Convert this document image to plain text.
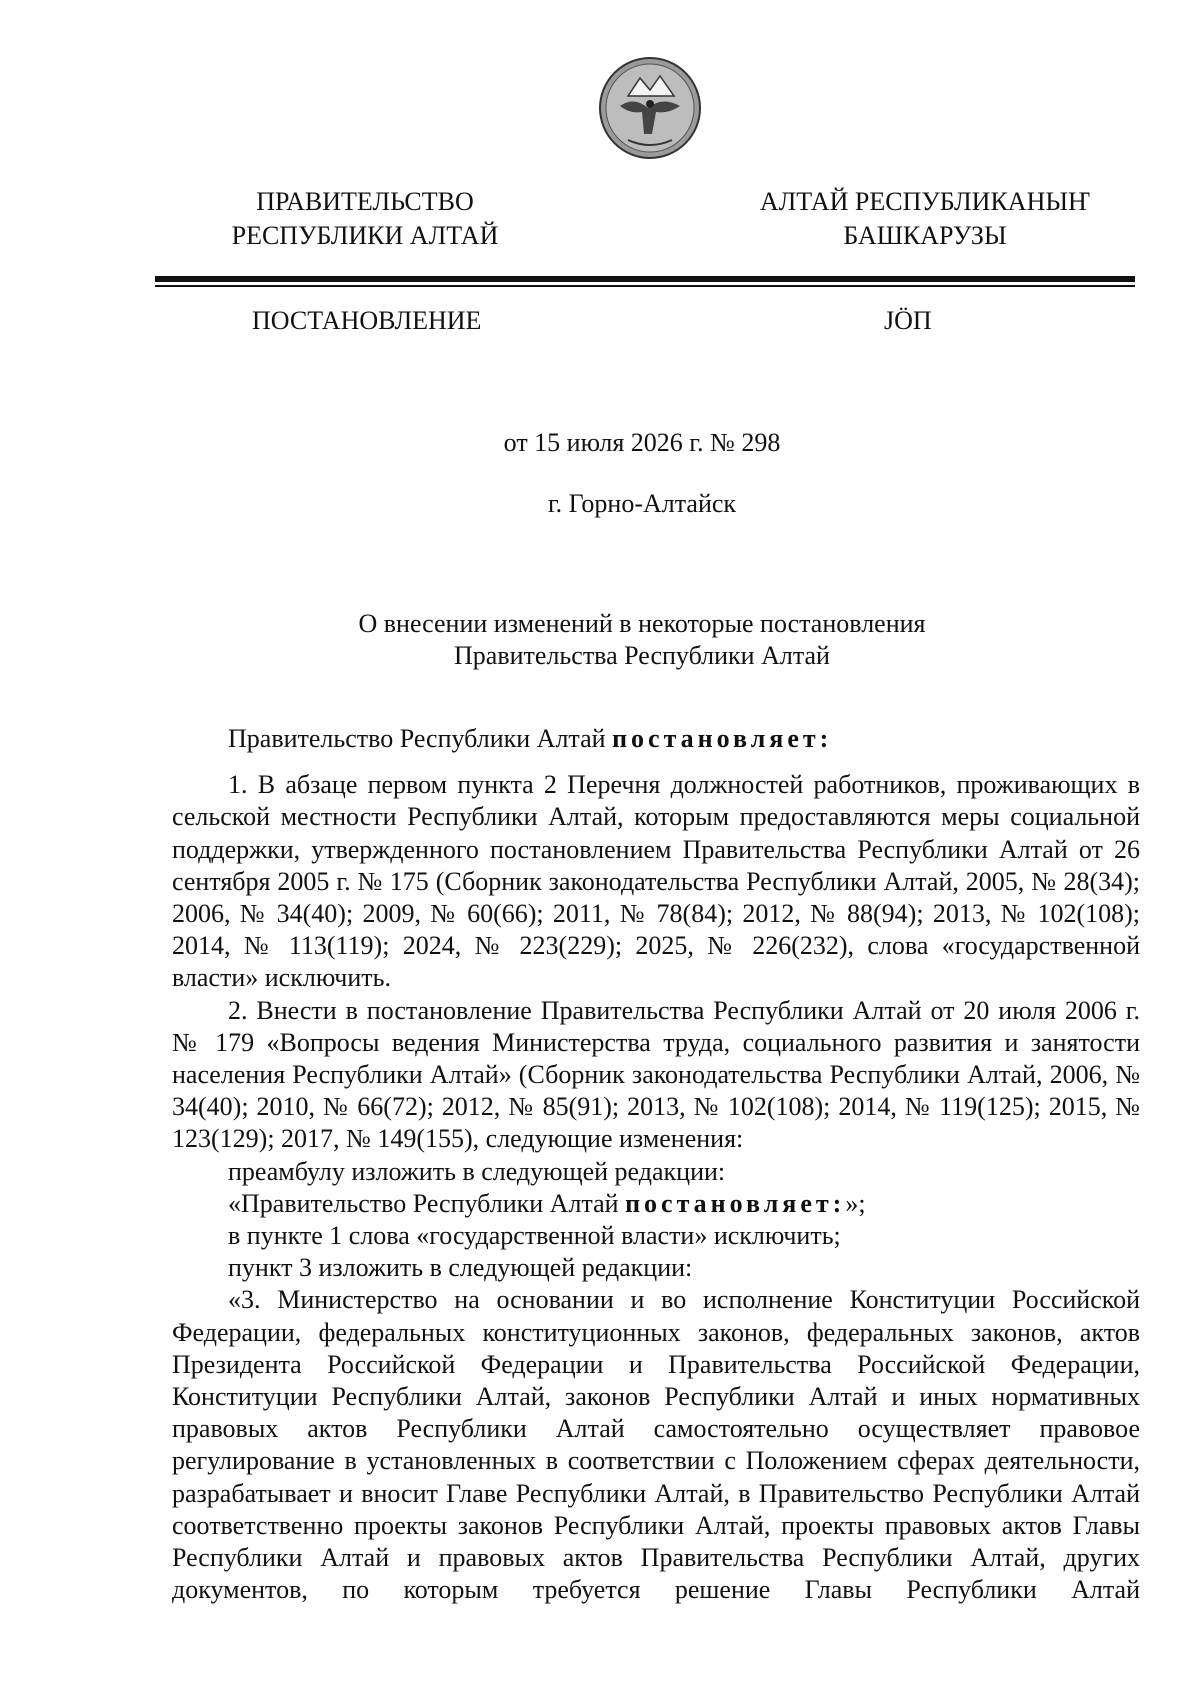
ПРАВИТЕЛЬСТВО
РЕСПУБЛИКИ АЛТАЙ
АЛТАЙ РЕСПУБЛИКАНЫҤ
БАШКАРУЗЫ
ПОСТАНОВЛЕНИЕ	JÖП
от 15 июля 2026 г. № 298
г. Горно-Алтайск
О внесении изменений в некоторые постановления
Правительства Республики Алтай

Правительство Республики Алтай постановляет:

1. В абзаце первом пункта 2 Перечня должностей работников, проживающих в сельской местности Республики Алтай, которым предоставляются меры социальной поддержки, утвержденного постановлением Правительства Республики Алтай от 26 сентября 2005 г. № 175 (Сборник законодательства Республики Алтай, 2005, № 28(34); 2006, № 34(40); 2009, № 60(66); 2011, № 78(84); 2012, № 88(94); 2013, № 102(108); 2014, № 113(119); 2024, № 223(229); 2025, № 226(232), слова «государственной власти» исключить.

2. Внести в постановление Правительства Республики Алтай от 20 июля 2006 г. № 179 «Вопросы ведения Министерства труда, социального развития и занятости населения Республики Алтай» (Сборник законодательства Республики Алтай, 2006, № 34(40); 2010, № 66(72); 2012, № 85(91); 2013, № 102(108); 2014, № 119(125); 2015, № 123(129); 2017, № 149(155), следующие изменения:

преамбулу изложить в следующей редакции:

«Правительство Республики Алтай постановляет:»;

в пункте 1 слова «государственной власти» исключить;

пункт 3 изложить в следующей редакции:

«3. Министерство на основании и во исполнение Конституции Российской Федерации, федеральных конституционных законов, федеральных законов, актов Президента Российской Федерации и Правительства Российской Федерации, Конституции Республики Алтай, законов Республики Алтай и иных нормативных правовых актов Республики Алтай самостоятельно осуществляет правовое регулирование в установленных в соответствии с Положением сферах деятельности, разрабатывает и вносит Главе Республики Алтай, в Правительство Республики Алтай соответственно проекты законов Республики Алтай, проекты правовых актов Главы Республики Алтай и правовых актов Правительства Республики Алтай, других документов, по которым требуется решение Главы Республики Алтай
